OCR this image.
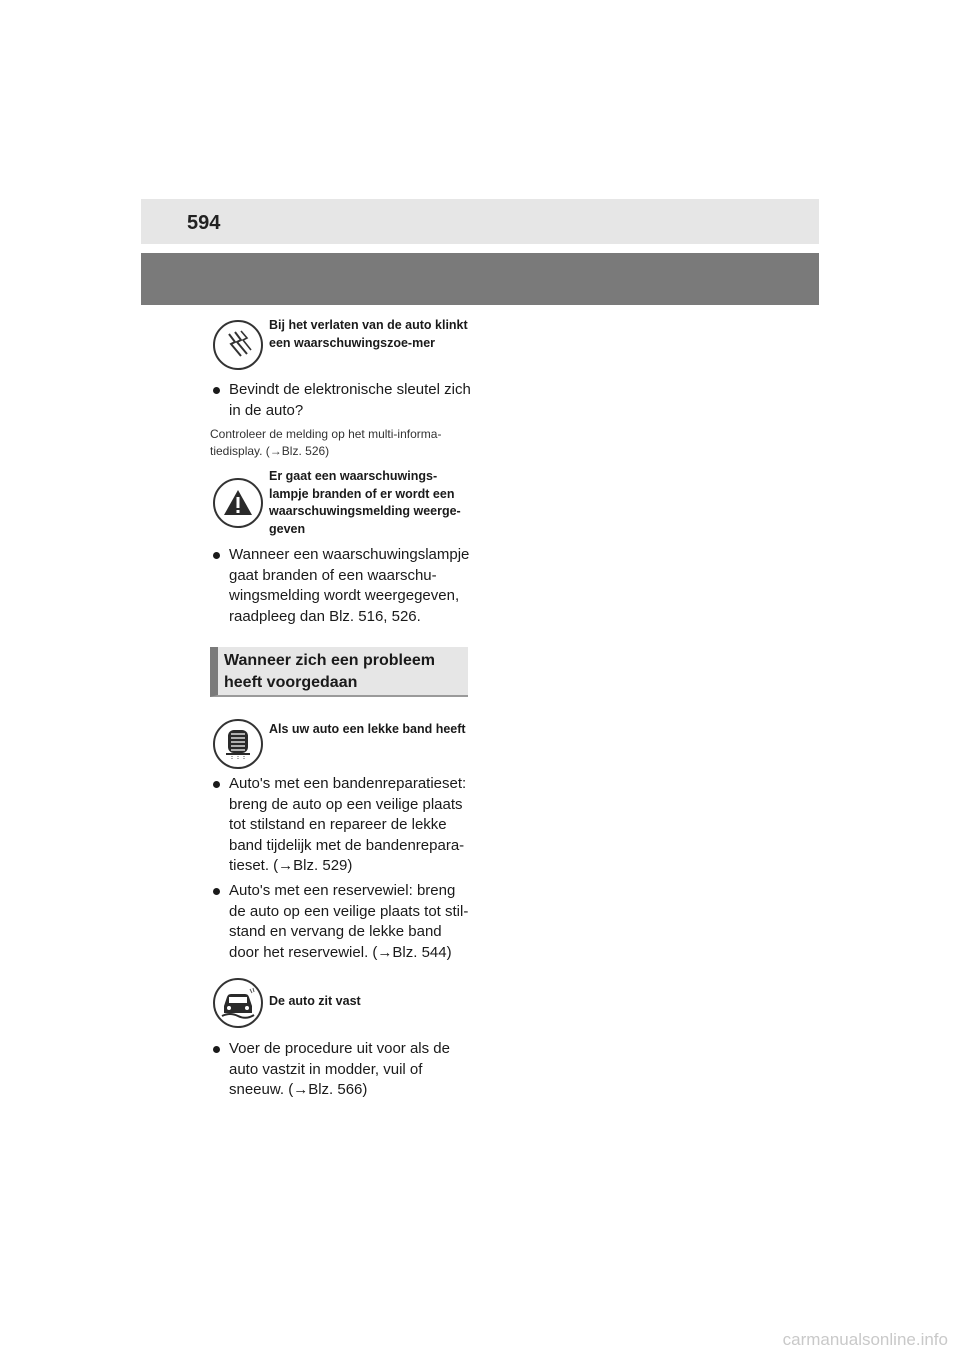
594
Bij het verlaten van de auto klinkt een waarschuwingszoe-mer
Bevindt de elektronische sleutel zich in de auto?
Controleer de melding op het multi-informa-tiedisplay. (→Blz. 526)
Er gaat een waarschuwings-lampje branden of er wordt een waarschuwingsmelding weerge-geven
Wanneer een waarschuwingslampje gaat branden of een waarschu-wingsmelding wordt weergegeven, raadpleeg dan Blz. 516, 526.
Wanneer zich een probleem heeft voorgedaan
Als uw auto een lekke band heeft
Auto's met een bandenreparatieset: breng de auto op een veilige plaats tot stilstand en repareer de lekke band tijdelijk met de bandenrepara-tieset. (→Blz. 529)
Auto's met een reservewiel: breng de auto op een veilige plaats tot stil-stand en vervang de lekke band door het reservewiel. (→Blz. 544)
De auto zit vast
Voer de procedure uit voor als de auto vastzit in modder, vuil of sneeuw. (→Blz. 566)
carmanualsonline.info
